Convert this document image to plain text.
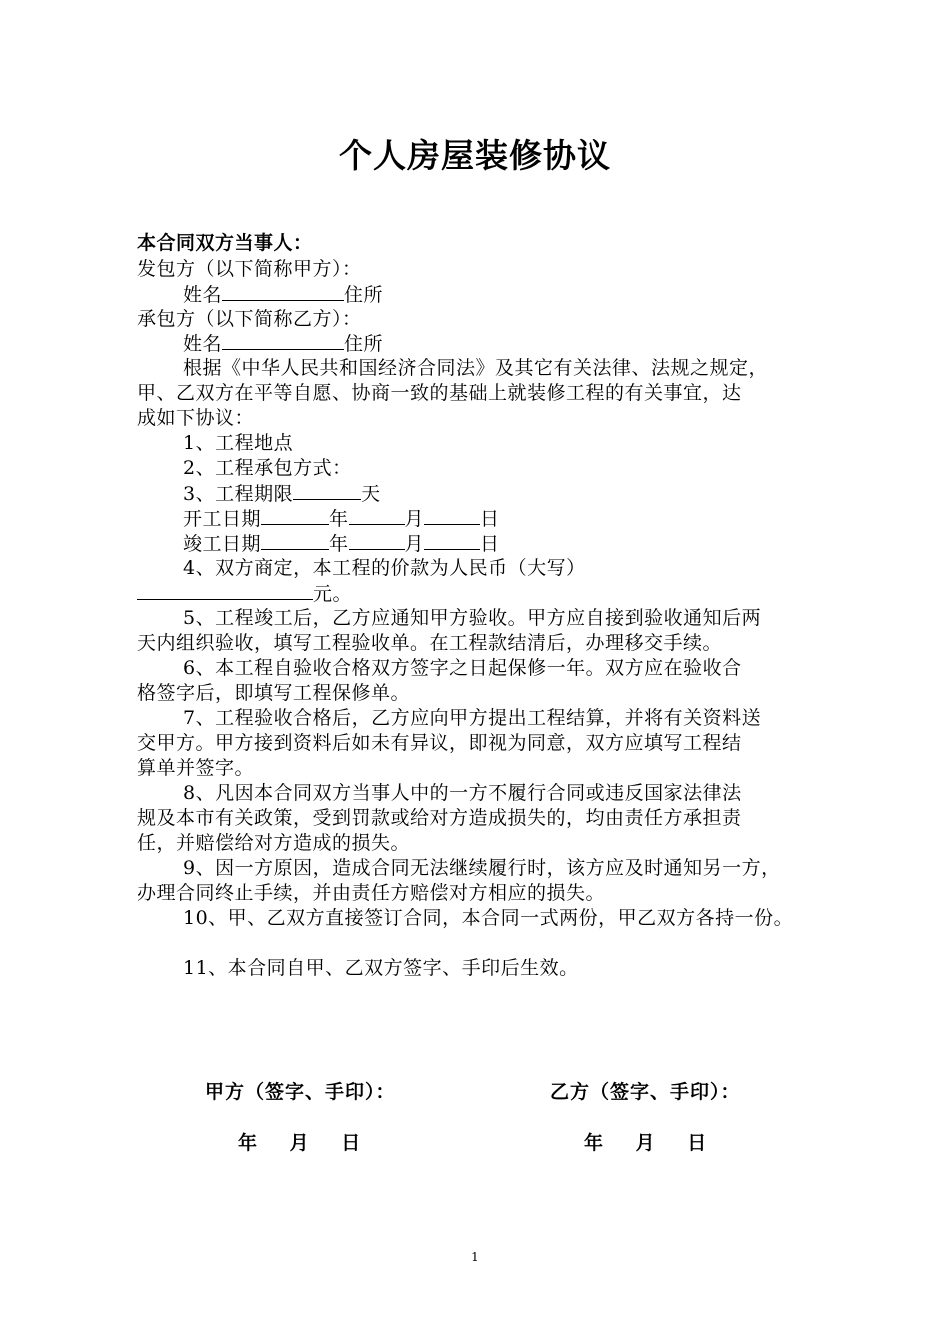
个人房屋装修协议
本合同双方当事人：
发包方（以下简称甲方）：
姓名	住所
承包方（以下简称乙方）：
姓名	住所
根据《中华人民共和国经济合同法》及其它有关法律、法规之规定，
甲、乙双方在平等自愿、协商一致的基础上就装修工程的有关事宜，达
成如下协议：
1、工程地点
2、工程承包方式：
3、工程期限	天
开工日期	年	月	日
竣工日期	年	月	日
4、双方商定，本工程的价款为人民币（大写）
元。
5、工程竣工后，乙方应通知甲方验收。甲方应自接到验收通知后两
天内组织验收，填写工程验收单。在工程款结清后，办理移交手续。
6、本工程自验收合格双方签字之日起保修一年。双方应在验收合
格签字后，即填写工程保修单。
7、工程验收合格后，乙方应向甲方提出工程结算，并将有关资料送
交甲方。甲方接到资料后如未有异议，即视为同意，双方应填写工程结
算单并签字。
8、凡因本合同双方当事人中的一方不履行合同或违反国家法律法
规及本市有关政策，受到罚款或给对方造成损失的，均由责任方承担责
任，并赔偿给对方造成的损失。
9、因一方原因，造成合同无法继续履行时，该方应及时通知另一方，
办理合同终止手续，并由责任方赔偿对方相应的损失。
10、甲、乙双方直接签订合同，本合同一式两份，甲乙双方各持一份。
11、本合同自甲、乙双方签字、手印后生效。
甲方（签字、手印）：	乙方（签字、手印）：
年 月 日	年 月 日
1
